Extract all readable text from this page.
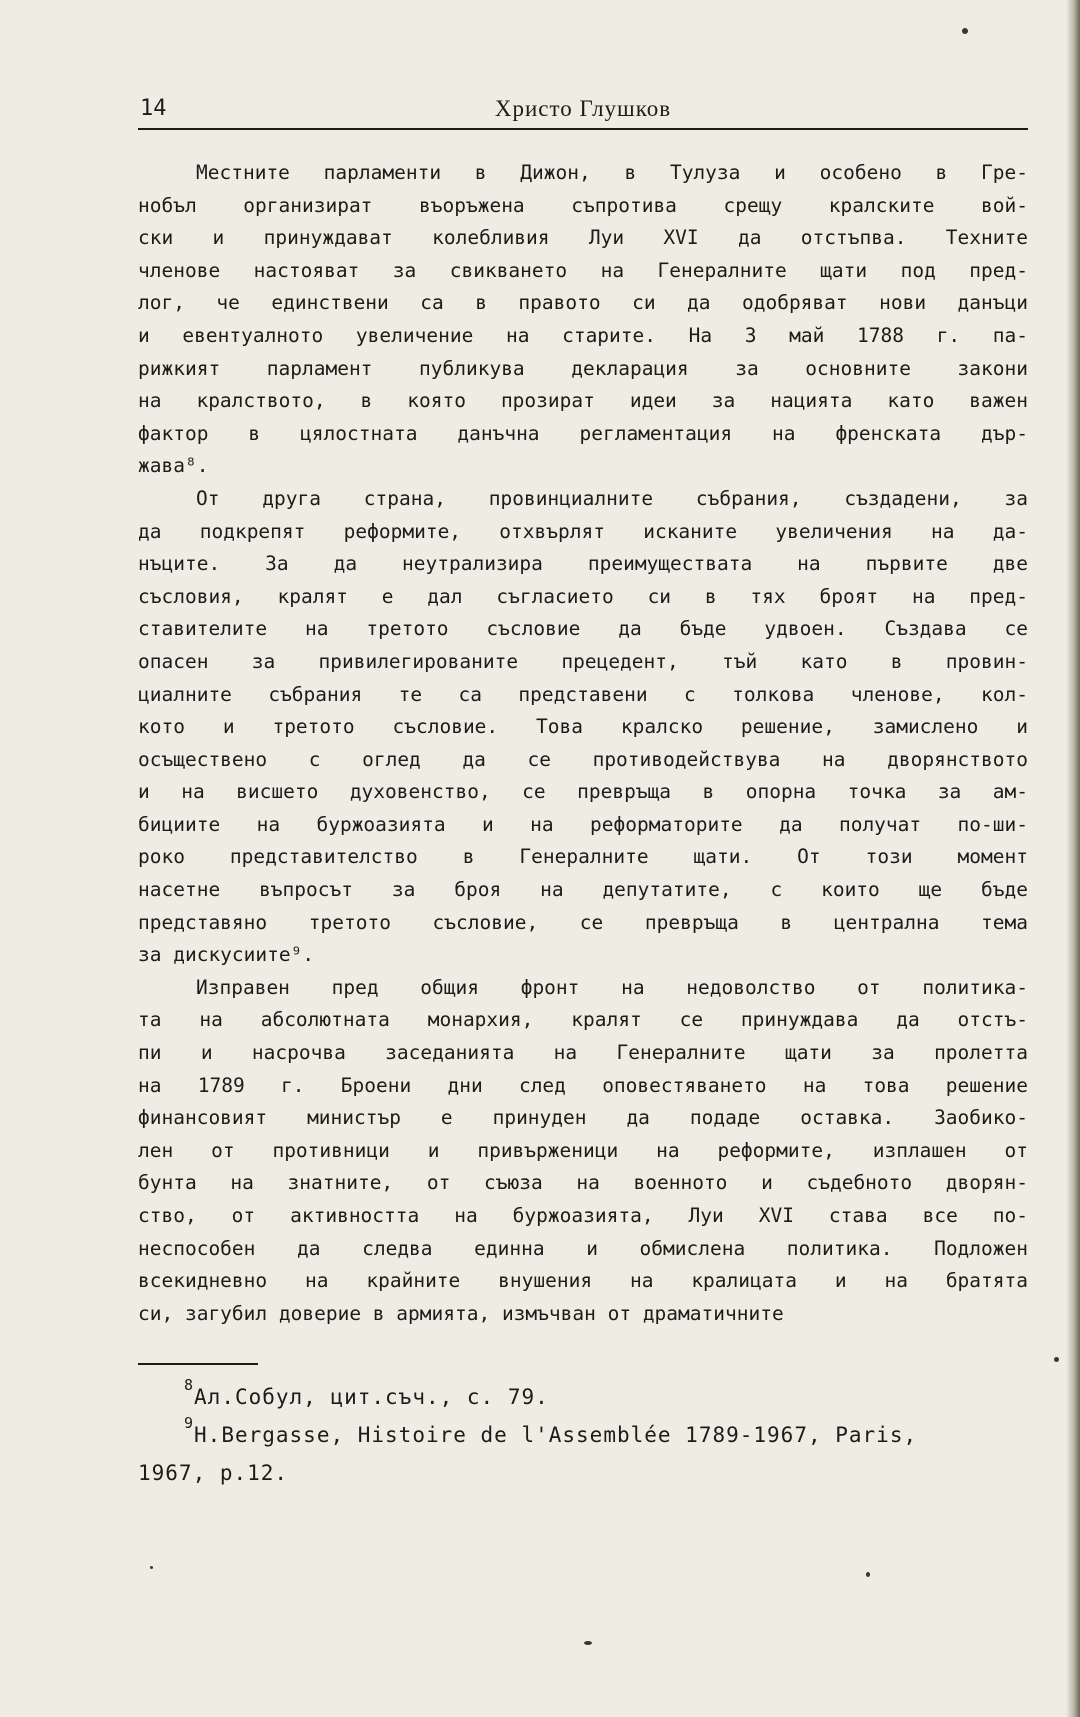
14	Христо Глушков
Местните парламенти в Дижон, в Тулуза и особено в Гре-
нобъл организират въоръжена съпротива срещу кралските вой-
ски и принуждават колебливия Луи XVI да отстъпва. Техните
членове настояват за свикването на Генералните щати под пред-
лог, че единствени са в правото си да одобряват нови данъци
и евентуалното увеличение на старите. На 3 май 1788 г. па-
рижкият парламент публикува декларация за основните закони
на кралството, в която прозират идеи за нацията като важен
фактор в цялостната данъчна регламентация на френската дър-
жава⁸.
От друга страна, провинциалните събрания, създадени, за
да подкрепят реформите, отхвърлят исканите увеличения на да-
нъците. За да неутрализира преимуществата на първите две
съсловия, кралят е дал съгласието си в тях броят на пред-
ставителите на третото съсловие да бъде удвоен. Създава се
опасен за привилегированите прецедент, тъй като в провин-
циалните събрания те са представени с толкова членове, кол-
кото и третото съсловие. Това кралско решение, замислено и
осъществено с оглед да се противодействува на дворянството
и на висшето духовенство, се превръща в опорна точка за ам-
бициите на буржоазията и на реформаторите да получат по-ши-
роко представителство в Генералните щати. От този момент
насетне въпросът за броя на депутатите, с които ще бъде
представяно третото съсловие, се превръща в централна тема
за дискусиите⁹.
Изправен пред общия фронт на недоволство от политика-
та на абсолютната монархия, кралят се принуждава да отстъ-
пи и насрочва заседанията на Генералните щати за пролетта
на 1789 г. Броени дни след оповестяването на това решение
финансовият министър е принуден да подаде оставка. Заобико-
лен от противници и привърженици на реформите, изплашен от
бунта на знатните, от съюза на военното и съдебното дворян-
ство, от активността на буржоазията, Луи XVI става все по-
неспособен да следва единна и обмислена политика. Подложен
всекидневно на крайните внушения на кралицата и на братята
си, загубил доверие в армията, измъчван от драматичните
$^8$Ал.Собул, цит.съч., с. 79.
$^9$H.Bergasse, Histoire de l'Assemblée 1789-1967, Paris,
1967, p.12.
